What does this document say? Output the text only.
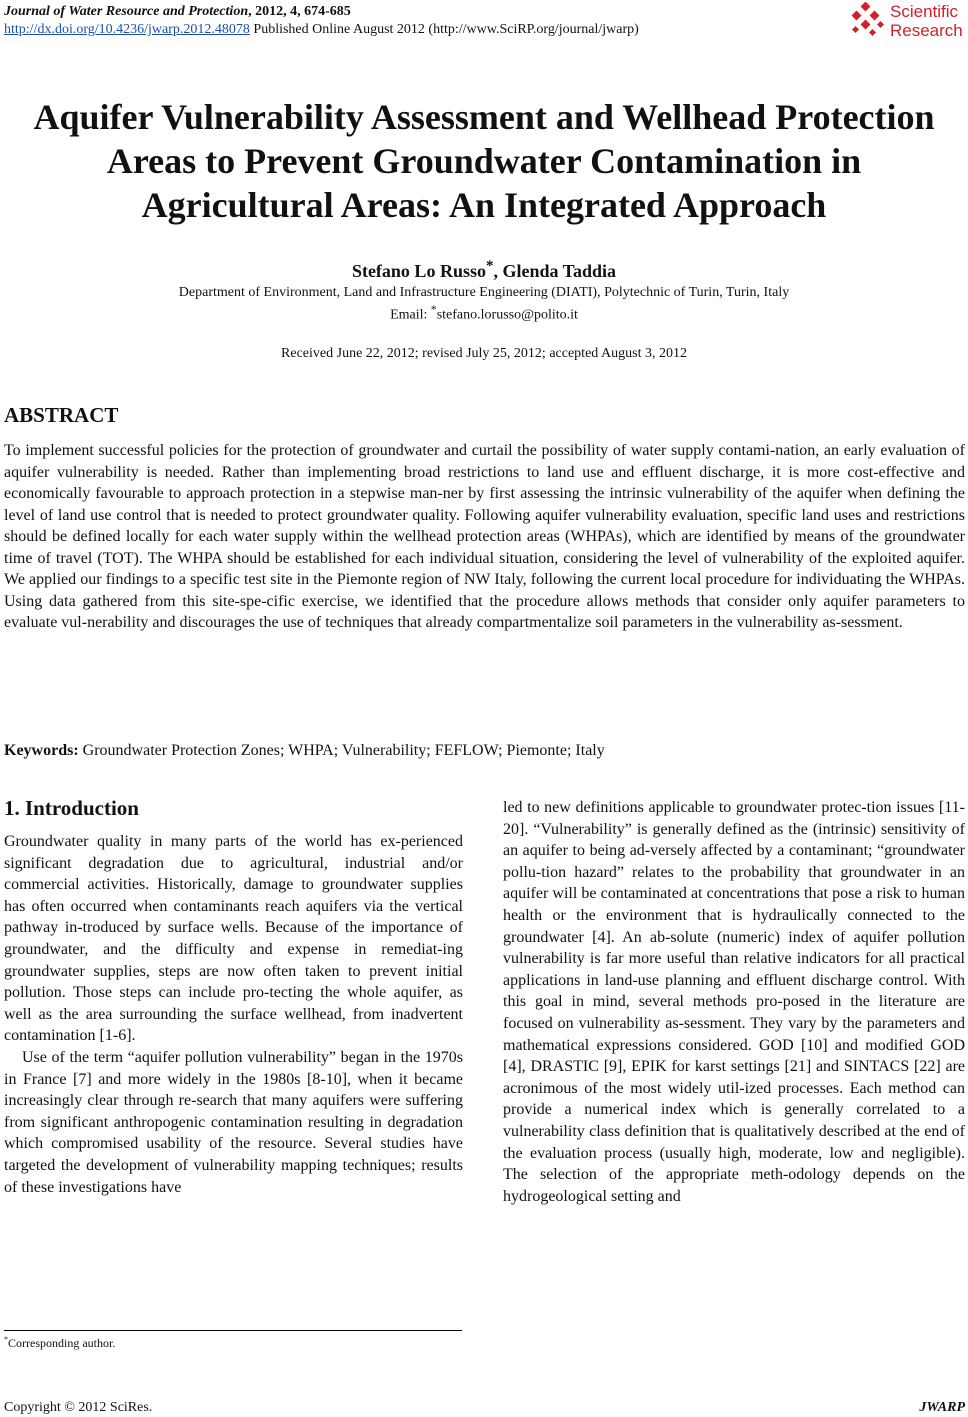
Journal of Water Resource and Protection, 2012, 4, 674-685
http://dx.doi.org/10.4236/jwarp.2012.48078 Published Online August 2012 (http://www.SciRP.org/journal/jwarp)
Scientific
Research
Aquifer Vulnerability Assessment and Wellhead Protection
Areas to Prevent Groundwater Contamination in
Agricultural Areas: An Integrated Approach
Stefano Lo Russo*, Glenda Taddia
Department of Environment, Land and Infrastructure Engineering (DIATI), Polytechnic of Turin, Turin, Italy
Email: *stefano.lorusso@polito.it
Received June 22, 2012; revised July 25, 2012; accepted August 3, 2012
ABSTRACT
To implement successful policies for the protection of groundwater and curtail the possibility of water supply contami-nation, an early evaluation of aquifer vulnerability is needed. Rather than implementing broad restrictions to land use and effluent discharge, it is more cost-effective and economically favourable to approach protection in a stepwise man-ner by first assessing the intrinsic vulnerability of the aquifer when defining the level of land use control that is needed to protect groundwater quality. Following aquifer vulnerability evaluation, specific land uses and restrictions should be defined locally for each water supply within the wellhead protection areas (WHPAs), which are identified by means of the groundwater time of travel (TOT). The WHPA should be established for each individual situation, considering the level of vulnerability of the exploited aquifer. We applied our findings to a specific test site in the Piemonte region of NW Italy, following the current local procedure for individuating the WHPAs. Using data gathered from this site-spe-cific exercise, we identified that the procedure allows methods that consider only aquifer parameters to evaluate vul-nerability and discourages the use of techniques that already compartmentalize soil parameters in the vulnerability as-sessment.
Keywords: Groundwater Protection Zones; WHPA; Vulnerability; FEFLOW; Piemonte; Italy
1. Introduction

Groundwater quality in many parts of the world has ex-perienced significant degradation due to agricultural, industrial and/or commercial activities. Historically, damage to groundwater supplies has often occurred when contaminants reach aquifers via the vertical pathway in-troduced by surface wells. Because of the importance of groundwater, and the difficulty and expense in remediat-ing groundwater supplies, steps are now often taken to prevent initial pollution. Those steps can include pro-tecting the whole aquifer, as well as the area surrounding the surface wellhead, from inadvertent contamination [1-6].

Use of the term “aquifer pollution vulnerability” began in the 1970s in France [7] and more widely in the 1980s [8-10], when it became increasingly clear through re-search that many aquifers were suffering from significant anthropogenic contamination resulting in degradation which compromised usability of the resource. Several studies have targeted the development of vulnerability mapping techniques; results of these investigations have

led to new definitions applicable to groundwater protec-tion issues [11-20]. “Vulnerability” is generally defined as the (intrinsic) sensitivity of an aquifer to being ad-versely affected by a contaminant; “groundwater pollu-tion hazard” relates to the probability that groundwater in an aquifer will be contaminated at concentrations that pose a risk to human health or the environment that is hydraulically connected to the groundwater [4]. An ab-solute (numeric) index of aquifer pollution vulnerability is far more useful than relative indicators for all practical applications in land-use planning and effluent discharge control. With this goal in mind, several methods pro-posed in the literature are focused on vulnerability as-sessment. They vary by the parameters and mathematical expressions considered. GOD [10] and modified GOD [4], DRASTIC [9], EPIK for karst settings [21] and SINTACS [22] are acronimous of the most widely util-ized processes. Each method can provide a numerical index which is generally correlated to a vulnerability class definition that is qualitatively described at the end of the evaluation process (usually high, moderate, low and negligible). The selection of the appropriate meth-odology depends on the hydrogeological setting and

*Corresponding author.
Copyright © 2012 SciRes.	JWARP
